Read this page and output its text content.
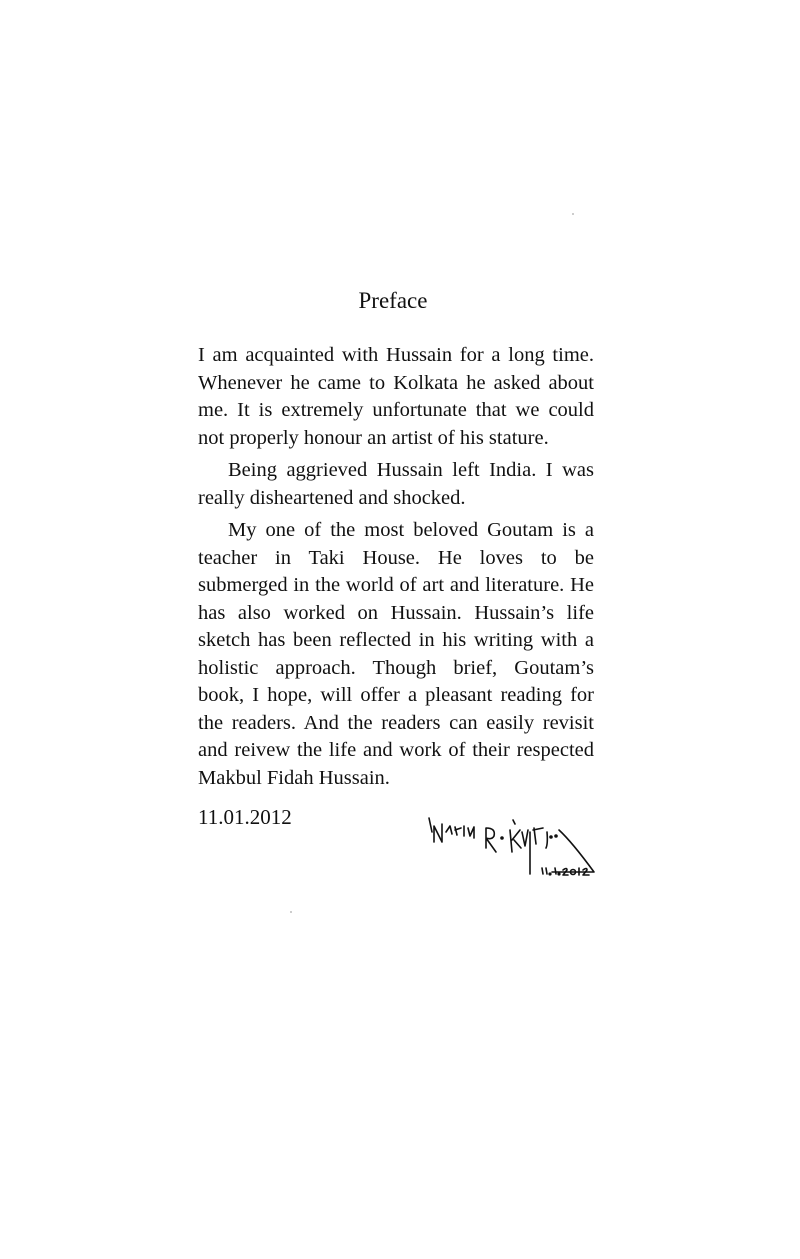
Preface

I am acquainted with Hussain for a long time. Whenever he came to Kolkata he asked about me. It is extremely unfortunate that we could not properly honour an artist of his stature.

Being aggrieved Hussain left India. I was really disheartened and shocked.

My one of the most beloved Goutam is a teacher in Taki House. He loves to be submerged in the world of art and literature. He has also worked on Hussain. Hussain’s life sketch has been reflected in his writing with a holistic approach. Though brief, Goutam’s book, I hope, will offer a pleasant reading for the readers. And the readers can easily revisit and reivew the life and work of their respected Makbul Fidah Hussain.

11.01.2012
